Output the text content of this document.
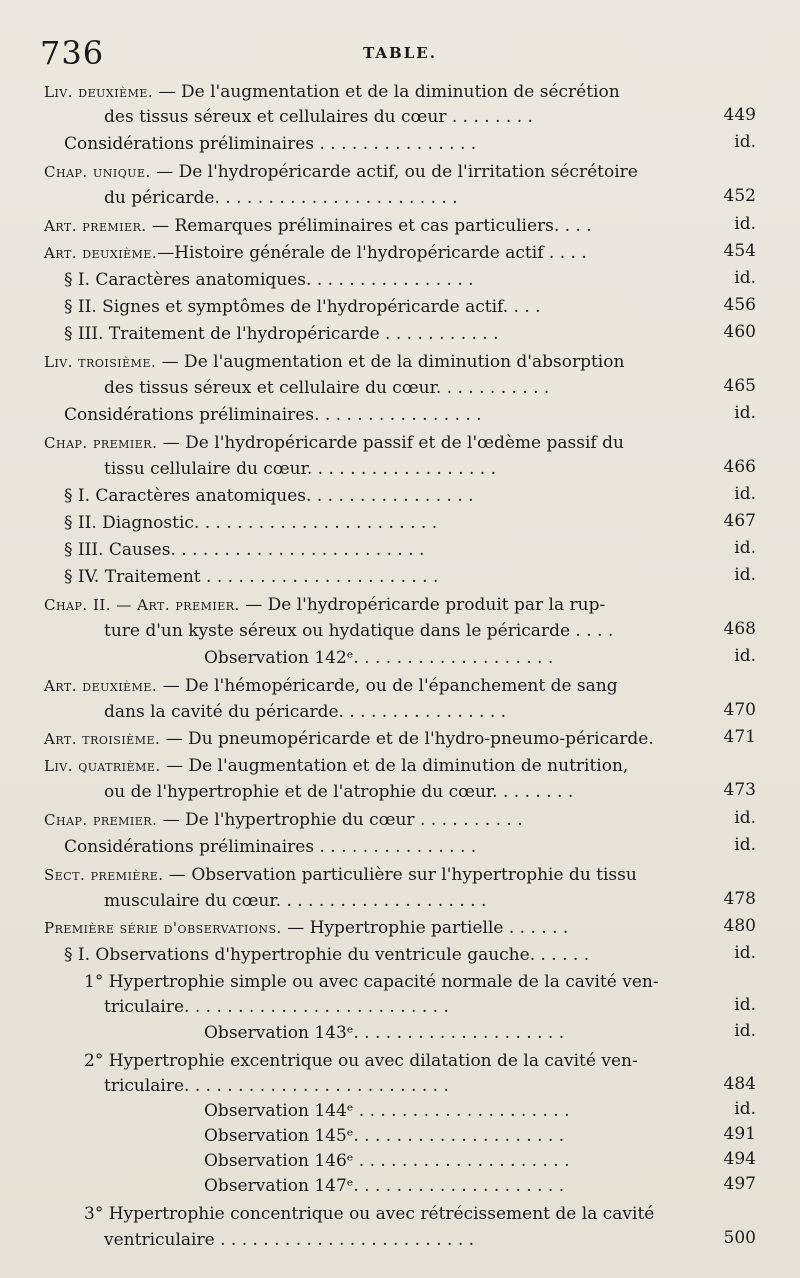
736	TABLE.
Liv. deuxième. — De l'augmentation et de la diminution de sécrétion
des tissus séreux et cellulaires du cœur . . . . . . . .	449
Considérations préliminaires . . . . . . . . . . . . . . .	id.
Chap. unique. — De l'hydropéricarde actif, ou de l'irritation sécrétoire
du péricarde. . . . . . . . . . . . . . . . . . . . . . .	452
Art. premier. — Remarques préliminaires et cas particuliers. . . .	id.
Art. deuxième.—Histoire générale de l'hydropéricarde actif . . . .	454
§ I. Caractères anatomiques. . . . . . . . . . . . . . . .	id.
§ II. Signes et symptômes de l'hydropéricarde actif. . . .	456
§ III. Traitement de l'hydropéricarde . . . . . . . . . . .	460
Liv. troisième. — De l'augmentation et de la diminution d'absorption
des tissus séreux et cellulaire du cœur. . . . . . . . . . .	465
Considérations préliminaires. . . . . . . . . . . . . . . .	id.
Chap. premier. — De l'hydropéricarde passif et de l'œdème passif du
tissu cellulaire du cœur. . . . . . . . . . . . . . . . . .	466
§ I. Caractères anatomiques. . . . . . . . . . . . . . . .	id.
§ II. Diagnostic. . . . . . . . . . . . . . . . . . . . . . .	467
§ III. Causes. . . . . . . . . . . . . . . . . . . . . . . .	id.
§ IV. Traitement . . . . . . . . . . . . . . . . . . . . . .	id.
Chap. II. — Art. premier. — De l'hydropéricarde produit par la rup-
ture d'un kyste séreux ou hydatique dans le péricarde . . . .	468
Observation 142ᵉ. . . . . . . . . . . . . . . . . . .	id.
Art. deuxième. — De l'hémopéricarde, ou de l'épanchement de sang
dans la cavité du péricarde. . . . . . . . . . . . . . . .	470
Art. troisième. — Du pneumopéricarde et de l'hydro-pneumo-péricarde.	471
Liv. quatrième. — De l'augmentation et de la diminution de nutrition,
ou de l'hypertrophie et de l'atrophie du cœur. . . . . . . .	473
Chap. premier. — De l'hypertrophie du cœur . . . . . . . . . .	id.
Considérations préliminaires . . . . . . . . . . . . . . .	id.
Sect. première. — Observation particulière sur l'hypertrophie du tissu
musculaire du cœur. . . . . . . . . . . . . . . . . . . .	478
Première série d'observations. — Hypertrophie partielle . . . . . .	480
§ I. Observations d'hypertrophie du ventricule gauche. . . . . .	id.
1° Hypertrophie simple ou avec capacité normale de la cavité ven-
triculaire. . . . . . . . . . . . . . . . . . . . . . . . .	id.
Observation 143ᵉ. . . . . . . . . . . . . . . . . . . .	id.
2° Hypertrophie excentrique ou avec dilatation de la cavité ven-
triculaire. . . . . . . . . . . . . . . . . . . . . . . . .	484
Observation 144ᵉ . . . . . . . . . . . . . . . . . . . .	id.
Observation 145ᵉ. . . . . . . . . . . . . . . . . . . .	491
Observation 146ᵉ . . . . . . . . . . . . . . . . . . . .	494
Observation 147ᵉ. . . . . . . . . . . . . . . . . . . .	497
3° Hypertrophie concentrique ou avec rétrécissement de la cavité
ventriculaire . . . . . . . . . . . . . . . . . . . . . . . .	500
